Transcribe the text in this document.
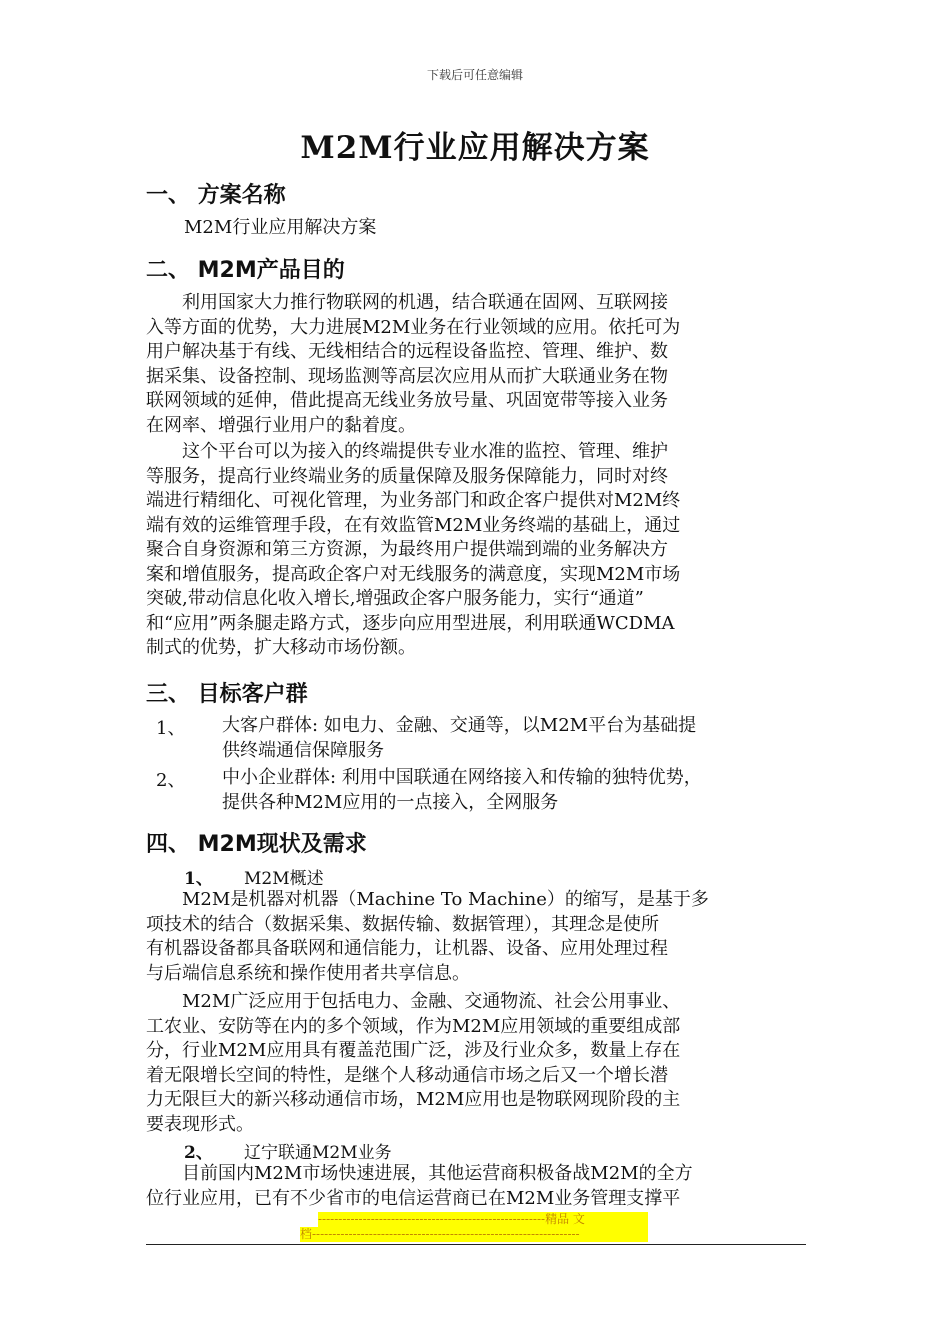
下载后可任意编辑
M2M行业应用解决方案
一、 方案名称
M2M行业应用解决方案
二、 M2M产品目的
　　利用国家大力推行物联网的机遇，结合联通在固网、互联网接
入等方面的优势，大力进展M2M业务在行业领域的应用。依托可为
用户解决基于有线、无线相结合的远程设备监控、管理、维护、数
据采集、设备控制、现场监测等高层次应用从而扩大联通业务在物
联网领域的延伸，借此提高无线业务放号量、巩固宽带等接入业务
在网率、增强行业用户的黏着度。
　　这个平台可以为接入的终端提供专业水准的监控、管理、维护
等服务，提高行业终端业务的质量保障及服务保障能力，同时对终
端进行精细化、可视化管理，为业务部门和政企客户提供对M2M终
端有效的运维管理手段，在有效监管M2M业务终端的基础上，通过
聚合自身资源和第三方资源，为最终用户提供端到端的业务解决方
案和增值服务，提高政企客户对无线服务的满意度，实现M2M市场
突破,带动信息化收入增长,增强政企客户服务能力，实行“通道”
和“应用”两条腿走路方式，逐步向应用型进展，利用联通WCDMA
制式的优势，扩大移动市场份额。
三、 目标客户群
1、 大客户群体: 如电力、金融、交通等，以M2M平台为基础提
供终端通信保障服务
2、 中小企业群体: 利用中国联通在网络接入和传输的独特优势，
提供各种M2M应用的一点接入，全网服务
四、 M2M现状及需求
1、 M2M概述
　　M2M是机器对机器（Machine To Machine）的缩写，是基于多
项技术的结合（数据采集、数据传输、数据管理），其理念是使所
有机器设备都具备联网和通信能力，让机器、设备、应用处理过程
与后端信息系统和操作使用者共享信息。
　　M2M广泛应用于包括电力、金融、交通物流、社会公用事业、
工农业、安防等在内的多个领域，作为M2M应用领域的重要组成部
分，行业M2M应用具有覆盖范围广泛，涉及行业众多，数量上存在
着无限增长空间的特性，是继个人移动通信市场之后又一个增长潜
力无限巨大的新兴移动通信市场，M2M应用也是物联网现阶段的主
要表现形式。
2、 辽宁联通M2M业务
　　目前国内M2M市场快速进展，其他运营商积极备战M2M的全方
位行业应用，已有不少省市的电信运营商已在M2M业务管理支撑平
--------------------------------------------------------精品 文
档------------------------------------------------------------------
